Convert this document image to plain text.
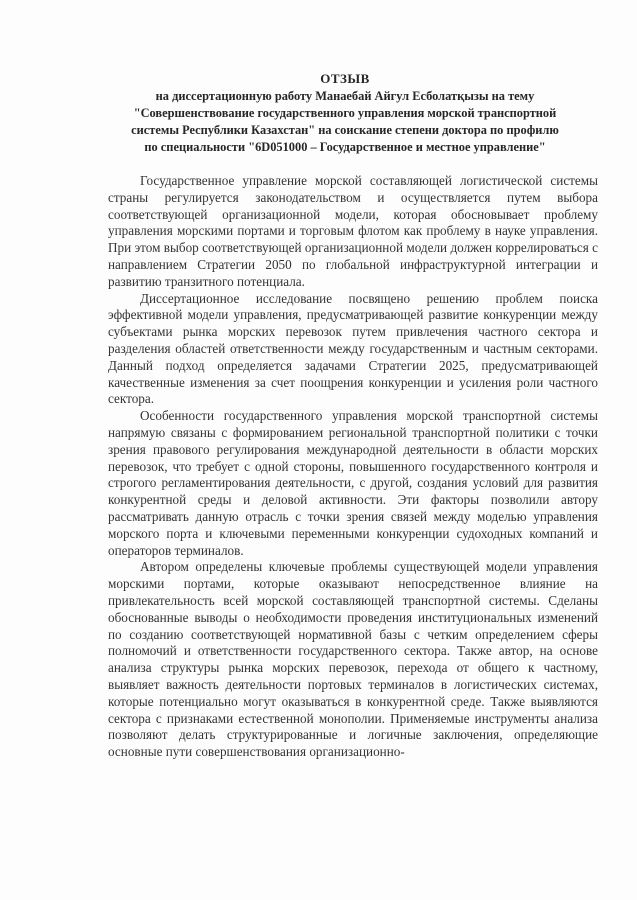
ОТЗЫВ
на диссертационную работу Манаебай Айгул Есболатқызы на тему
"Совершенствование государственного управления морской транспортной
системы Республики Казахстан" на соискание степени доктора по профилю
по специальности "6D051000 – Государственное и местное управление"

Государственное управление морской составляющей логистической системы страны регулируется законодательством и осуществляется путем выбора соответствующей организационной модели, которая обосновывает проблему управления морскими портами и торговым флотом как проблему в науке управления. При этом выбор соответствующей организационной модели должен коррелироваться с направлением Стратегии 2050 по глобальной инфраструктурной интеграции и развитию транзитного потенциала.

Диссертационное исследование посвящено решению проблем поиска эффективной модели управления, предусматривающей развитие конкуренции между субъектами рынка морских перевозок путем привлечения частного сектора и разделения областей ответственности между государственным и частным секторами. Данный подход определяется задачами Стратегии 2025, предусматривающей качественные изменения за счет поощрения конкуренции и усиления роли частного сектора.

Особенности государственного управления морской транспортной системы напрямую связаны с формированием региональной транспортной политики с точки зрения правового регулирования международной деятельности в области морских перевозок, что требует с одной стороны, повышенного государственного контроля и строгого регламентирования деятельности, с другой, создания условий для развития конкурентной среды и деловой активности. Эти факторы позволили автору рассматривать данную отрасль с точки зрения связей между моделью управления морского порта и ключевыми переменными конкуренции судоходных компаний и операторов терминалов.

Автором определены ключевые проблемы существующей модели управления морскими портами, которые оказывают непосредственное влияние на привлекательность всей морской составляющей транспортной системы. Сделаны обоснованные выводы о необходимости проведения институциональных изменений по созданию соответствующей нормативной базы с четким определением сферы полномочий и ответственности государственного сектора. Также автор, на основе анализа структуры рынка морских перевозок, перехода от общего к частному, выявляет важность деятельности портовых терминалов в логистических системах, которые потенциально могут оказываться в конкурентной среде. Также выявляются сектора с признаками естественной монополии. Применяемые инструменты анализа позволяют делать структурированные и логичные заключения, определяющие основные пути совершенствования организационно-
